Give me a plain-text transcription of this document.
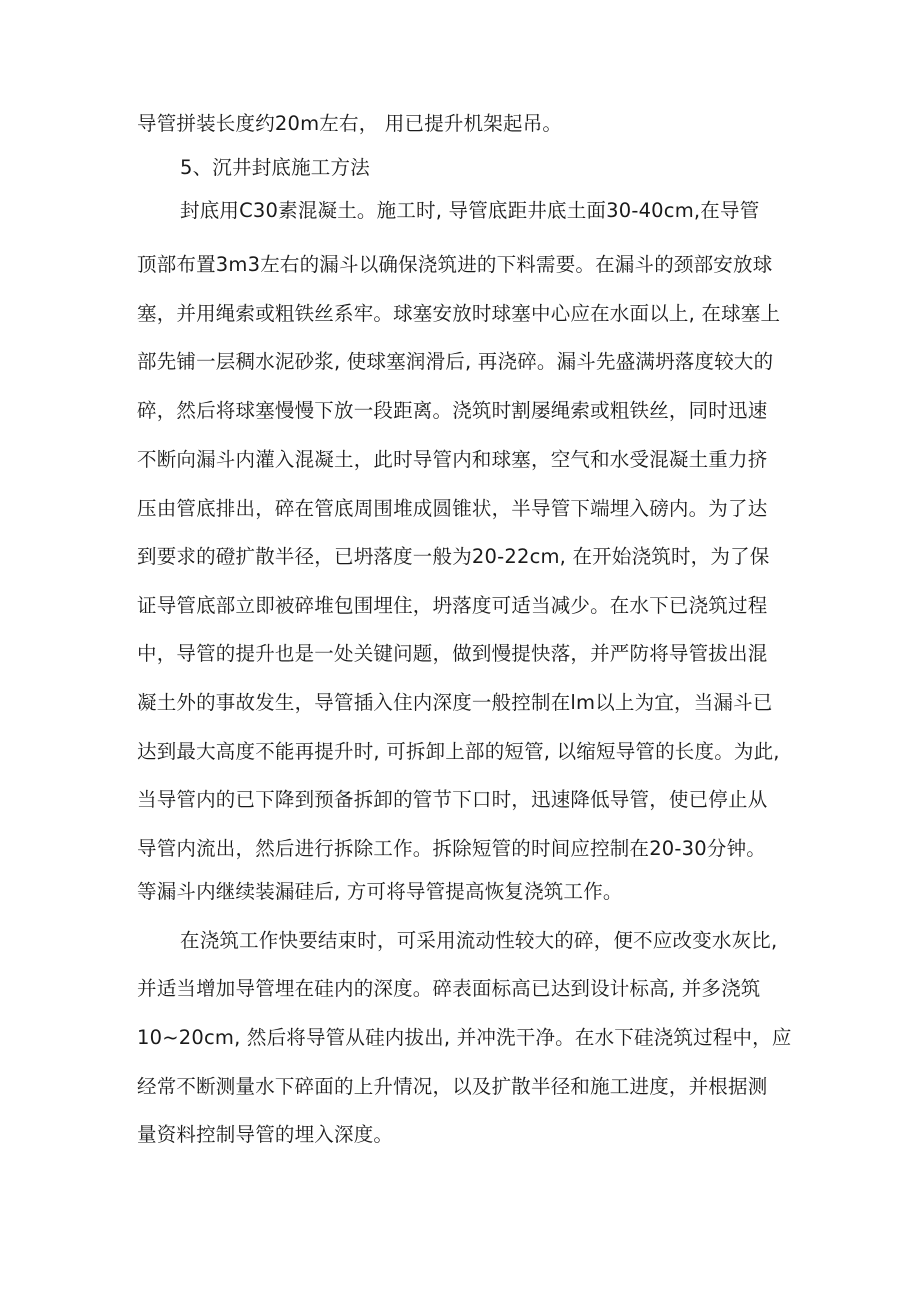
导管拼装长度约20m左右， 用已提升机架起吊。
5、沉井封底施工方法
封底用C30素混凝土。施工时, 导管底距井底土面30-40cm,在导管
顶部布置3m3左右的漏斗以确保浇筑进的下料需要。在漏斗的颈部安放球
塞，并用绳索或粗铁丝系牢。球塞安放时球塞中心应在水面以上, 在球塞上
部先铺一层稠水泥砂浆, 使球塞润滑后, 再浇碎。漏斗先盛满坍落度较大的
碎，然后将球塞慢慢下放一段距离。浇筑时割屡绳索或粗铁丝，同时迅速
不断向漏斗内灌入混凝土，此时导管内和球塞，空气和水受混凝土重力挤
压由管底排出，碎在管底周围堆成圆锥状，半导管下端埋入磅内。为了达
到要求的磴扩散半径，已坍落度一般为20-22cm, 在开始浇筑时，为了保
证导管底部立即被碎堆包围埋住，坍落度可适当减少。在水下已浇筑过程
中，导管的提升也是一处关键问题，做到慢提快落，并严防将导管拔出混
凝土外的事故发生，导管插入住内深度一般控制在lm以上为宜，当漏斗已
达到最大高度不能再提升时, 可拆卸上部的短管, 以缩短导管的长度。为此,
当导管内的已下降到预备拆卸的管节下口时，迅速降低导管，使已停止从
导管内流出，然后进行拆除工作。拆除短管的时间应控制在20-30分钟。
等漏斗内继续装漏硅后, 方可将导管提高恢复浇筑工作。
在浇筑工作快要结束时，可采用流动性较大的碎，便不应改变水灰比,
并适当增加导管埋在硅内的深度。碎表面标高已达到设计标高, 并多浇筑
10~20cm, 然后将导管从硅内拔出, 并冲洗干净。在水下硅浇筑过程中，应
经常不断测量水下碎面的上升情况，以及扩散半径和施工进度，并根据测
量资料控制导管的埋入深度。
